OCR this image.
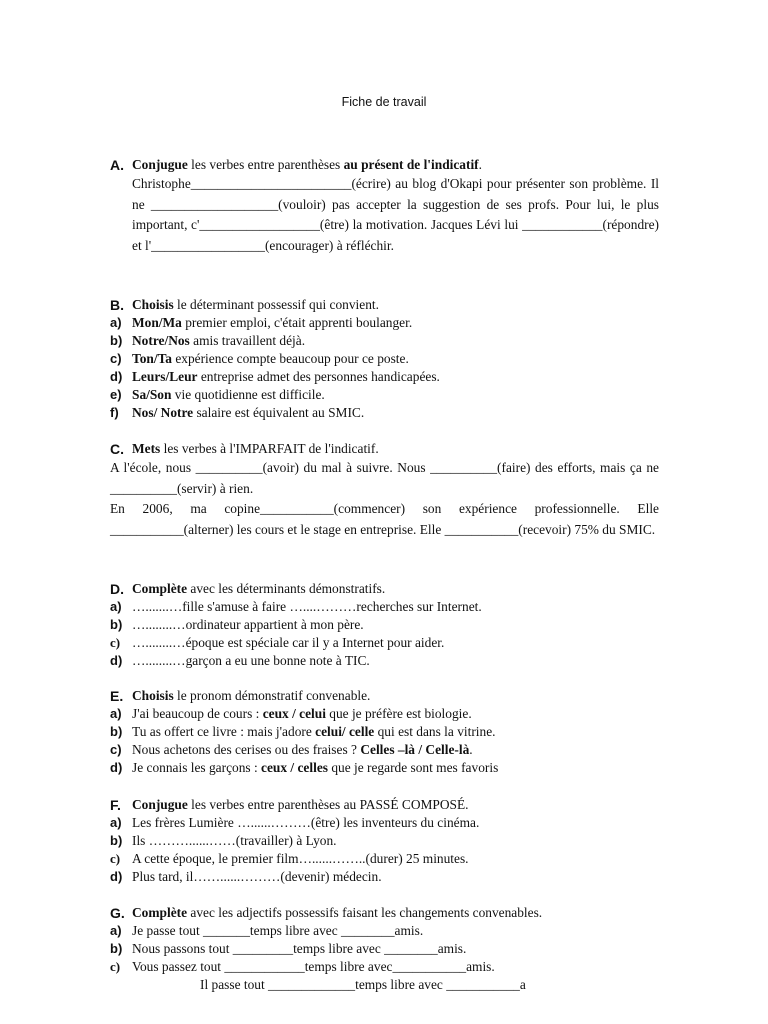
Fiche de travail
A. Conjugue les verbes entre parenthèses au présent de l'indicatif.
Christophe________________________(écrire) au blog d'Okapi pour présenter son problème. Il ne ___________________(vouloir) pas accepter la suggestion de ses profs. Pour lui, le plus important, c'__________________(être) la motivation. Jacques Lévi lui ____________(répondre) et l'_________________(encourager) à réfléchir.
B. Choisis le déterminant possessif qui convient.
a) Mon/Ma premier emploi, c'était apprenti boulanger.
b) Notre/Nos amis travaillent déjà.
c) Ton/Ta expérience compte beaucoup pour ce poste.
d) Leurs/Leur entreprise admet des personnes handicapées.
e) Sa/Son vie quotidienne est difficile.
f) Nos/ Notre salaire est équivalent au SMIC.
C. Mets les verbes à l'IMPARFAIT de l'indicatif.
A l'école, nous __________(avoir) du mal à suivre. Nous __________(faire) des efforts, mais ça ne __________(servir) à rien.
En 2006, ma copine___________(commencer) son expérience professionnelle. Elle ___________(alterner) les cours et le stage en entreprise. Elle ___________(recevoir) 75% du SMIC.
D. Complète avec les déterminants démonstratifs.
a) ….......…fille s'amuse à faire …....………recherches sur Internet.
b) …........…ordinateur appartient à mon père.
c) …........…époque est spéciale car il y a Internet pour aider.
d) …........…garçon a eu une bonne note à TIC.
E. Choisis le pronom démonstratif convenable.
a) J'ai beaucoup de cours : ceux / celui que je préfère est biologie.
b) Tu as offert ce livre : mais j'adore celui/ celle qui est dans la vitrine.
c) Nous achetons des cerises ou des fraises ? Celles –là / Celle-là.
d) Je connais les garçons : ceux / celles que je regarde sont mes favoris
F. Conjugue les verbes entre parenthèses au PASSÉ COMPOSÉ.
a) Les frères Lumière …......………(être) les inventeurs du cinéma.
b) Ils ………......……(travailler) à Lyon.
c) A cette époque, le premier film…......……..(durer) 25 minutes.
d) Plus tard, il……......………(devenir) médecin.
G. Complète avec les adjectifs possessifs faisant les changements convenables.
a) Je passe tout _______temps libre avec ________amis.
b) Nous passons tout _________temps libre avec ________amis.
c) Vous passez tout ____________temps libre avec___________amis.
Il passe tout _____________temps libre avec ___________a
